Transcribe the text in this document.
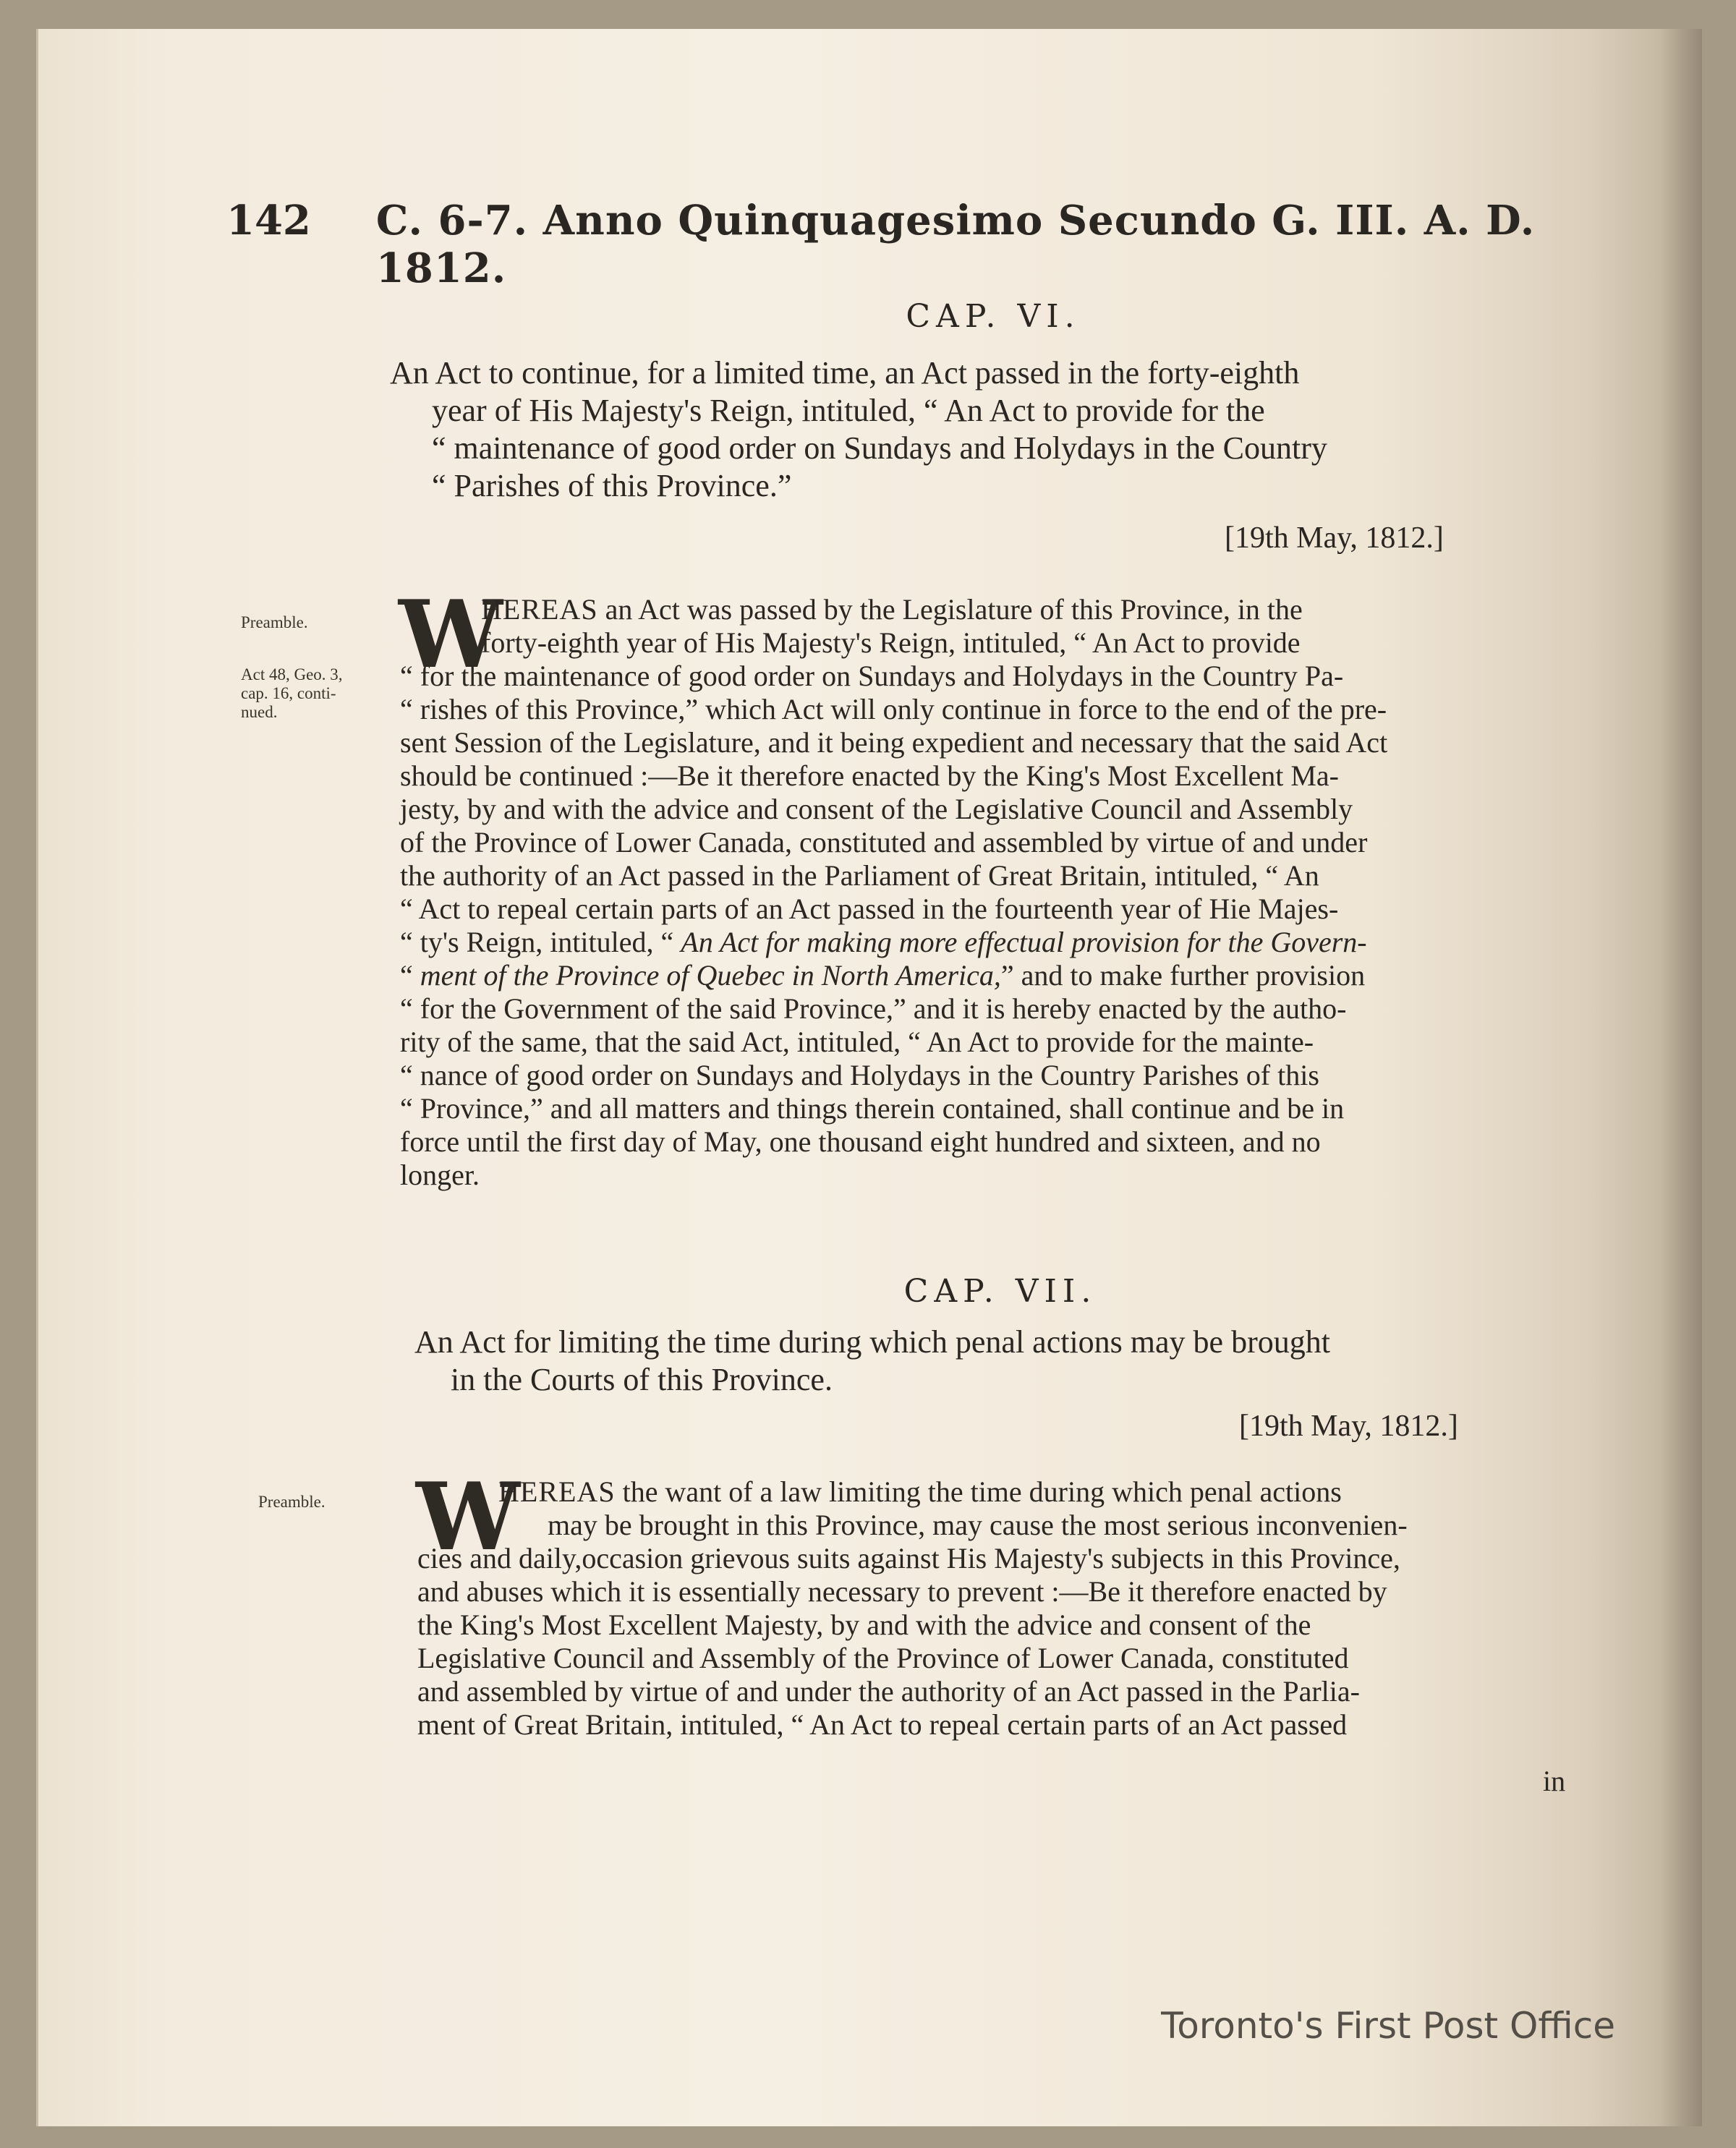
142 C. 6-7. Anno Quinquagesimo Secundo G. III. A. D. 1812.
CAP. VI.

An Act to continue, for a limited time, an Act passed in the forty-eighth

year of His Majesty's Reign, intituled, “ An Act to provide for the

“ maintenance of good order on Sundays and Holydays in the Country

“ Parishes of this Province.”

[19th May, 1812.]

Preamble.

Act 48, Geo. 3,

cap. 16, conti-

nued.

W

HEREAS an Act was passed by the Legislature of this Province, in the

forty-eighth year of His Majesty's Reign, intituled, “ An Act to provide

“ for the maintenance of good order on Sundays and Holydays in the Country Pa-

“ rishes of this Province,” which Act will only continue in force to the end of the pre-

sent Session of the Legislature, and it being expedient and necessary that the said Act

should be continued :—Be it therefore enacted by the King's Most Excellent Ma-

jesty, by and with the advice and consent of the Legislative Council and Assembly

of the Province of Lower Canada, constituted and assembled by virtue of and under

the authority of an Act passed in the Parliament of Great Britain, intituled, “ An

“ Act to repeal certain parts of an Act passed in the fourteenth year of Hie Majes-

“ ty's Reign, intituled, “ An Act for making more effectual provision for the Govern-

“ ment of the Province of Quebec in North America,” and to make further provision

“ for the Government of the said Province,” and it is hereby enacted by the autho-

rity of the same, that the said Act, intituled, “ An Act to provide for the mainte-

“ nance of good order on Sundays and Holydays in the Country Parishes of this

“ Province,” and all matters and things therein contained, shall continue and be in

force until the first day of May, one thousand eight hundred and sixteen, and no

longer.

CAP. VII.

An Act for limiting the time during which penal actions may be brought

in the Courts of this Province.

[19th May, 1812.]

Preamble. W

HEREAS the want of a law limiting the time during which penal actions

may be brought in this Province, may cause the most serious inconvenien-

cies and daily,occasion grievous suits against His Majesty's subjects in this Province,

and abuses which it is essentially necessary to prevent :—Be it therefore enacted by

the King's Most Excellent Majesty, by and with the advice and consent of the

Legislative Council and Assembly of the Province of Lower Canada, constituted

and assembled by virtue of and under the authority of an Act passed in the Parlia-

ment of Great Britain, intituled, “ An Act to repeal certain parts of an Act passed

in
Toronto's First Post Office
